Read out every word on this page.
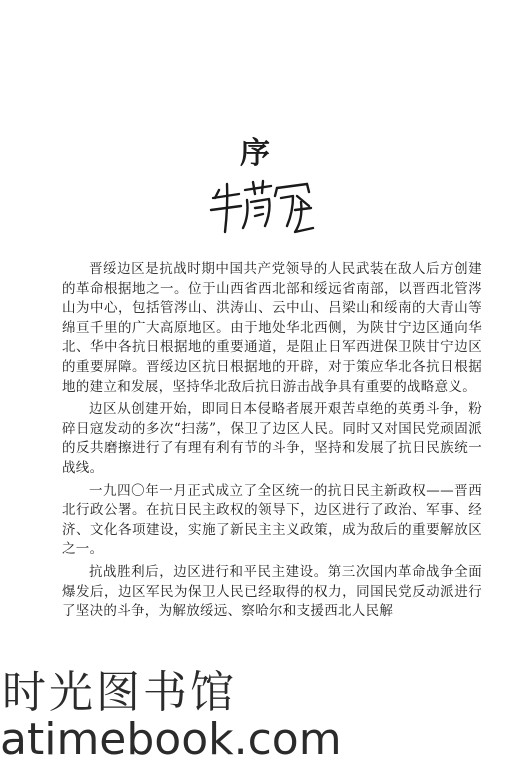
序

晋绥边区是抗战时期中国共产党领导的人民武装在敌人后方创建的革命根据地之一。位于山西省西北部和绥远省南部，以晋西北管涔山为中心，包括管涔山、洪涛山、云中山、吕梁山和绥南的大青山等绵亘千里的广大高原地区。由于地处华北西侧，为陕甘宁边区通向华北、华中各抗日根据地的重要通道，是阻止日军西进保卫陕甘宁边区的重要屏障。晋绥边区抗日根据地的开辟，对于策应华北各抗日根据地的建立和发展，坚持华北敌后抗日游击战争具有重要的战略意义。

边区从创建开始，即同日本侵略者展开艰苦卓绝的英勇斗争，粉碎日寇发动的多次“扫荡”，保卫了边区人民。同时又对国民党顽固派的反共磨擦进行了有理有利有节的斗争，坚持和发展了抗日民族统一战线。

一九四〇年一月正式成立了全区统一的抗日民主新政权——晋西北行政公署。在抗日民主政权的领导下，边区进行了政治、军事、经济、文化各项建设，实施了新民主主义政策，成为敌后的重要解放区之一。

抗战胜利后，边区进行和平民主建设。第三次国内革命战争全面爆发后，边区军民为保卫人民已经取得的权力，同国民党反动派进行了坚决的斗争，为解放绥远、察哈尔和支援西北人民解

时光图书馆
atimebook.com
